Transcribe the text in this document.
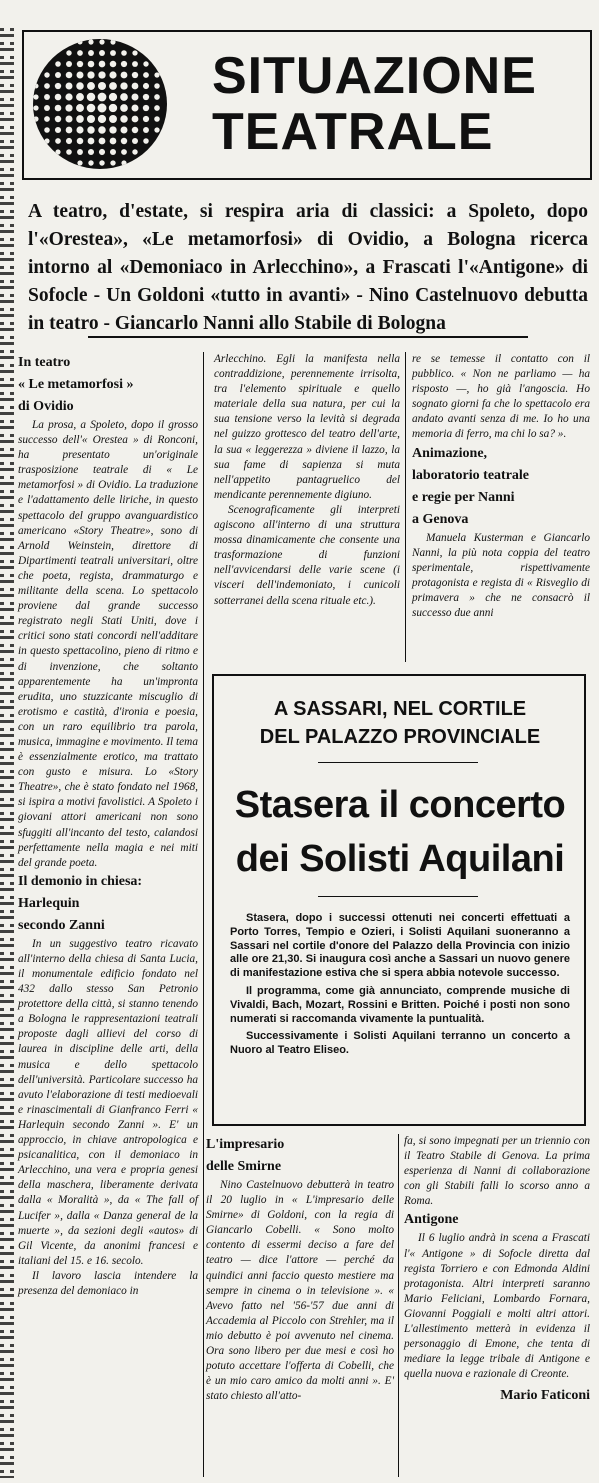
SITUAZIONE
TEATRALE
A teatro, d'estate, si respira aria di classici: a Spoleto, dopo l'«Orestea», «Le metamorfosi» di Ovidio, a Bologna ricerca intorno al «Demoniaco in Arlecchino», a Frascati l'«Antigone» di Sofocle - Un Goldoni «tutto in avanti» - Nino Castelnuovo debutta in teatro - Giancarlo Nanni allo Stabile di Bologna

In teatro

« Le metamorfosi »

di Ovidio

La prosa, a Spoleto, dopo il grosso successo dell'« Orestea » di Ronconi, ha presentato un'originale trasposizione teatrale di « Le metamorfosi » di Ovidio. La traduzione e l'adattamento delle liriche, in questo spettacolo del gruppo avanguardistico americano «Story Theatre», sono di Arnold Weinstein, direttore di Dipartimenti teatrali universitari, oltre che poeta, regista, drammaturgo e militante della scena. Lo spettacolo proviene dal grande successo registrato negli Stati Uniti, dove i critici sono stati concordi nell'additare in questo spettacolino, pieno di ritmo e di invenzione, che soltanto apparentemente ha un'impronta erudita, uno stuzzicante miscuglio di erotismo e castità, d'ironia e poesia, con un raro equilibrio tra parola, musica, immagine e movimento. Il tema è essenzialmente erotico, ma trattato con gusto e misura. Lo «Story Theatre», che è stato fondato nel 1968, si ispira a motivi favolistici. A Spoleto i giovani attori americani non sono sfuggiti all'incanto del testo, calandosi perfettamente nella magia e nei miti del grande poeta.

Il demonio in chiesa:

Harlequin

secondo Zanni

In un suggestivo teatro ricavato all'interno della chiesa di Santa Lucia, il monumentale edificio fondato nel 432 dallo stesso San Petronio protettore della città, si stanno tenendo a Bologna le rappresentazioni teatrali proposte dagli allievi del corso di laurea in discipline delle arti, della musica e dello spettacolo dell'università. Particolare successo ha avuto l'elaborazione di testi medioevali e rinascimentali di Gianfranco Ferri « Harlequin secondo Zanni ». E' un approccio, in chiave antropologica e psicanalitica, con il demoniaco in Arlecchino, una vera e propria genesi della maschera, liberamente derivata dalla « Moralità », da « The fall of Lucifer », dalla « Danza general de la muerte », da sezioni degli «autos» di Gil Vicente, da anonimi francesi e italiani del 15. e 16. secolo.

Il lavoro lascia intendere la presenza del demoniaco in

Arlecchino. Egli la manifesta nella contraddizione, perennemente irrisolta, tra l'elemento spirituale e quello materiale della sua natura, per cui la sua tensione verso la levità si degrada nel guizzo grottesco del teatro dell'arte, la sua « leggerezza » diviene il lazzo, la sua fame di sapienza si muta nell'appetito pantagruelico del mendicante perennemente digiuno.

Scenograficamente gli interpreti agiscono all'interno di una struttura mossa dinamicamente che consente una trasformazione di funzioni nell'avvicendarsi delle varie scene (i visceri dell'indemoniato, i cunicoli sotterranei della scena rituale etc.).

re se temesse il contatto con il pubblico. « Non ne parliamo — ha risposto —, ho già l'angoscia. Ho sognato giorni fa che lo spettacolo era andato avanti senza di me. Io ho una memoria di ferro, ma chi lo sa? ».

Animazione,

laboratorio teatrale

e regie per Nanni

a Genova

Manuela Kusterman e Giancarlo Nanni, la più nota coppia del teatro sperimentale, rispettivamente protagonista e regista di « Risveglio di primavera » che ne consacrò il successo due anni

A SASSARI, NEL CORTILE
DEL PALAZZO PROVINCIALE
Stasera il concerto
dei Solisti Aquilani

Stasera, dopo i successi ottenuti nei concerti effettuati a Porto Torres, Tempio e Ozieri, i Solisti Aquilani suoneranno a Sassari nel cortile d'onore del Palazzo della Provincia con inizio alle ore 21,30. Si inaugura così anche a Sassari un nuovo genere di manifestazione estiva che si spera abbia notevole successo.

Il programma, come già annunciato, comprende musiche di Vivaldi, Bach, Mozart, Rossini e Britten. Poiché i posti non sono numerati si raccomanda vivamente la puntualità.

Successivamente i Solisti Aquilani terranno un concerto a Nuoro al Teatro Eliseo.

L'impresario

delle Smirne

Nino Castelnuovo debutterà in teatro il 20 luglio in « L'impresario delle Smirne» di Goldoni, con la regia di Giancarlo Cobelli. « Sono molto contento di essermi deciso a fare del teatro — dice l'attore — perché da quindici anni faccio questo mestiere ma sempre in cinema o in televisione ». « Avevo fatto nel '56-'57 due anni di Accademia al Piccolo con Strehler, ma il mio debutto è poi avvenuto nel cinema. Ora sono libero per due mesi e così ho potuto accettare l'offerta di Cobelli, che è un mio caro amico da molti anni ». E' stato chiesto all'atto-

fa, si sono impegnati per un triennio con il Teatro Stabile di Genova. La prima esperienza di Nanni di collaborazione con gli Stabili falli lo scorso anno a Roma.

Antigone

Il 6 luglio andrà in scena a Frascati l'« Antigone » di Sofocle diretta dal regista Torriero e con Edmonda Aldini protagonista. Altri interpreti saranno Mario Feliciani, Lombardo Fornara, Giovanni Poggiali e molti altri attori. L'allestimento metterà in evidenza il personaggio di Emone, che tenta di mediare la legge tribale di Antigone e quella nuova e razionale di Creonte.

Mario Faticoni
